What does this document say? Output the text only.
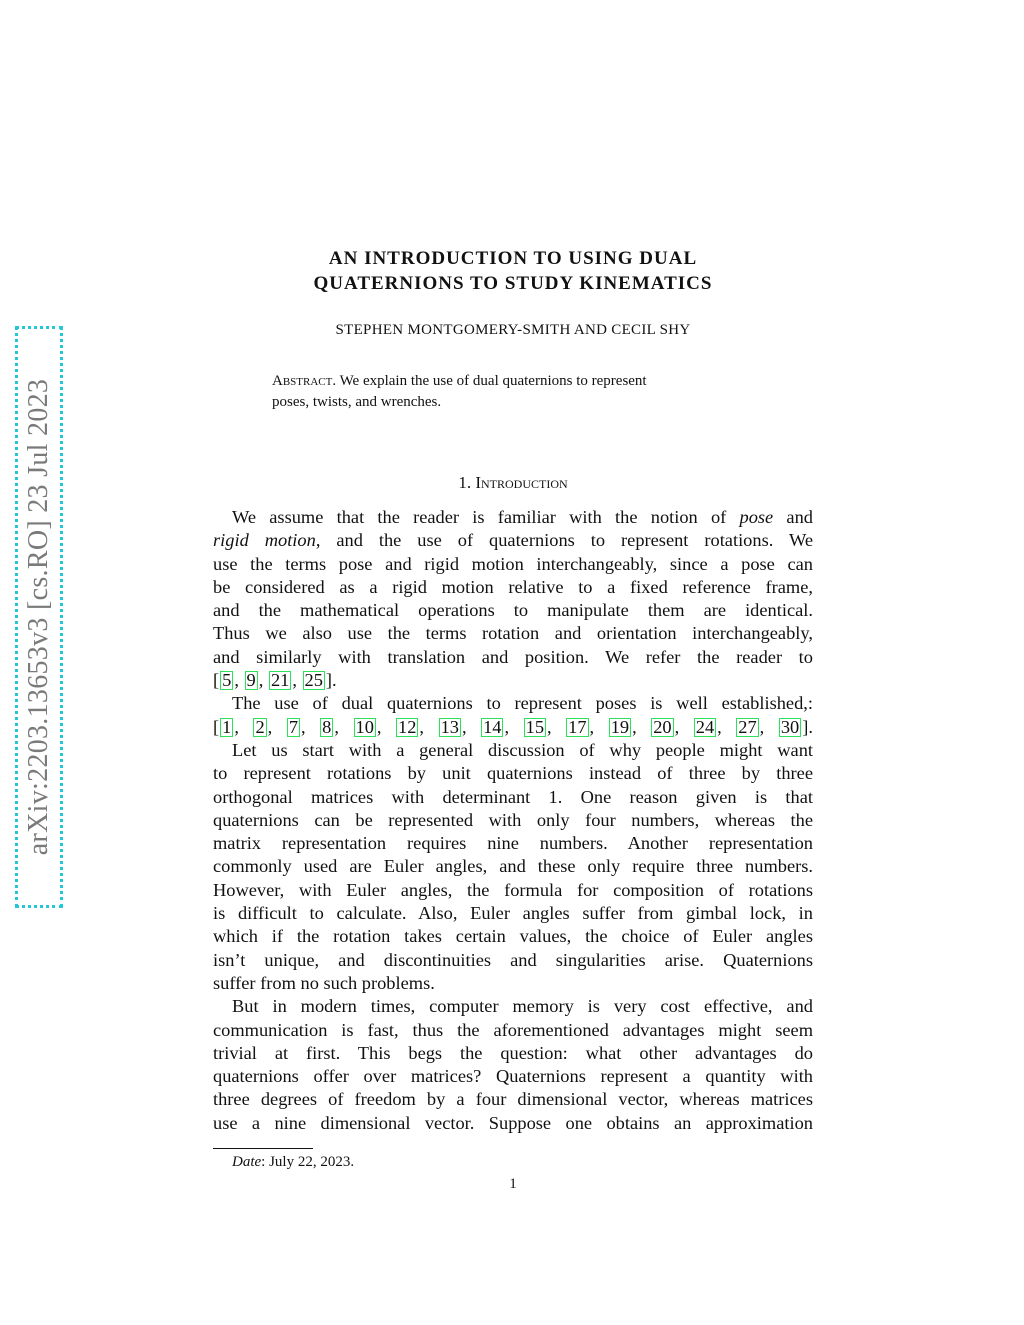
arXiv:2203.13653v3 [cs.RO] 23 Jul 2023
AN INTRODUCTION TO USING DUAL
QUATERNIONS TO STUDY KINEMATICS
STEPHEN MONTGOMERY-SMITH AND CECIL SHY
Abstract. We explain the use of dual quaternions to represent
poses, twists, and wrenches.
1. Introduction
We assume that the reader is familiar with the notion of pose and
rigid motion, and the use of quaternions to represent rotations. We
use the terms pose and rigid motion interchangeably, since a pose can
be considered as a rigid motion relative to a fixed reference frame,
and the mathematical operations to manipulate them are identical.
Thus we also use the terms rotation and orientation interchangeably,
and similarly with translation and position. We refer the reader to
[ 5 , 9 , 21 , 25 ].
The use of dual quaternions to represent poses is well established,:
[ 1 , 2 , 7 , 8 , 10 , 12 , 13 , 14 , 15 , 17 , 19 , 20 , 24 , 27 , 30 ].
Let us start with a general discussion of why people might want
to represent rotations by unit quaternions instead of three by three
orthogonal matrices with determinant 1. One reason given is that
quaternions can be represented with only four numbers, whereas the
matrix representation requires nine numbers. Another representation
commonly used are Euler angles, and these only require three numbers.
However, with Euler angles, the formula for composition of rotations
is difficult to calculate. Also, Euler angles suffer from gimbal lock, in
which if the rotation takes certain values, the choice of Euler angles
isn’t unique, and discontinuities and singularities arise. Quaternions
suffer from no such problems.
But in modern times, computer memory is very cost effective, and
communication is fast, thus the aforementioned advantages might seem
trivial at first. This begs the question: what other advantages do
quaternions offer over matrices? Quaternions represent a quantity with
three degrees of freedom by a four dimensional vector, whereas matrices
use a nine dimensional vector. Suppose one obtains an approximation
Date: July 22, 2023.
1
